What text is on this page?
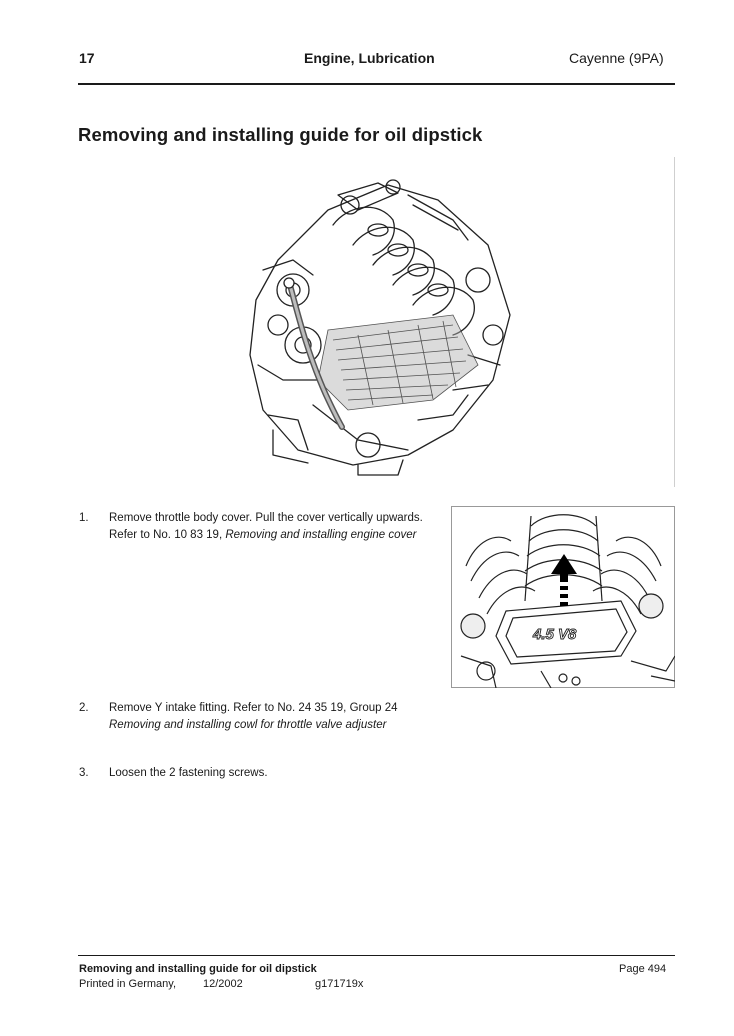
17	Engine, Lubrication	Cayenne (9PA)
Removing and installing guide for oil dipstick
1. Remove throttle body cover. Pull the cover vertically upwards. Refer to No. 10 83 19, Removing and installing engine cover
4.5 V8
2. Remove Y intake fitting. Refer to No. 24 35 19, Group 24 Removing and installing cowl for throttle valve adjuster
3. Loosen the 2 fastening screws.
Removing and installing guide for oil dipstick
Printed in Germany, 12/2002	g171719x
Page 494
